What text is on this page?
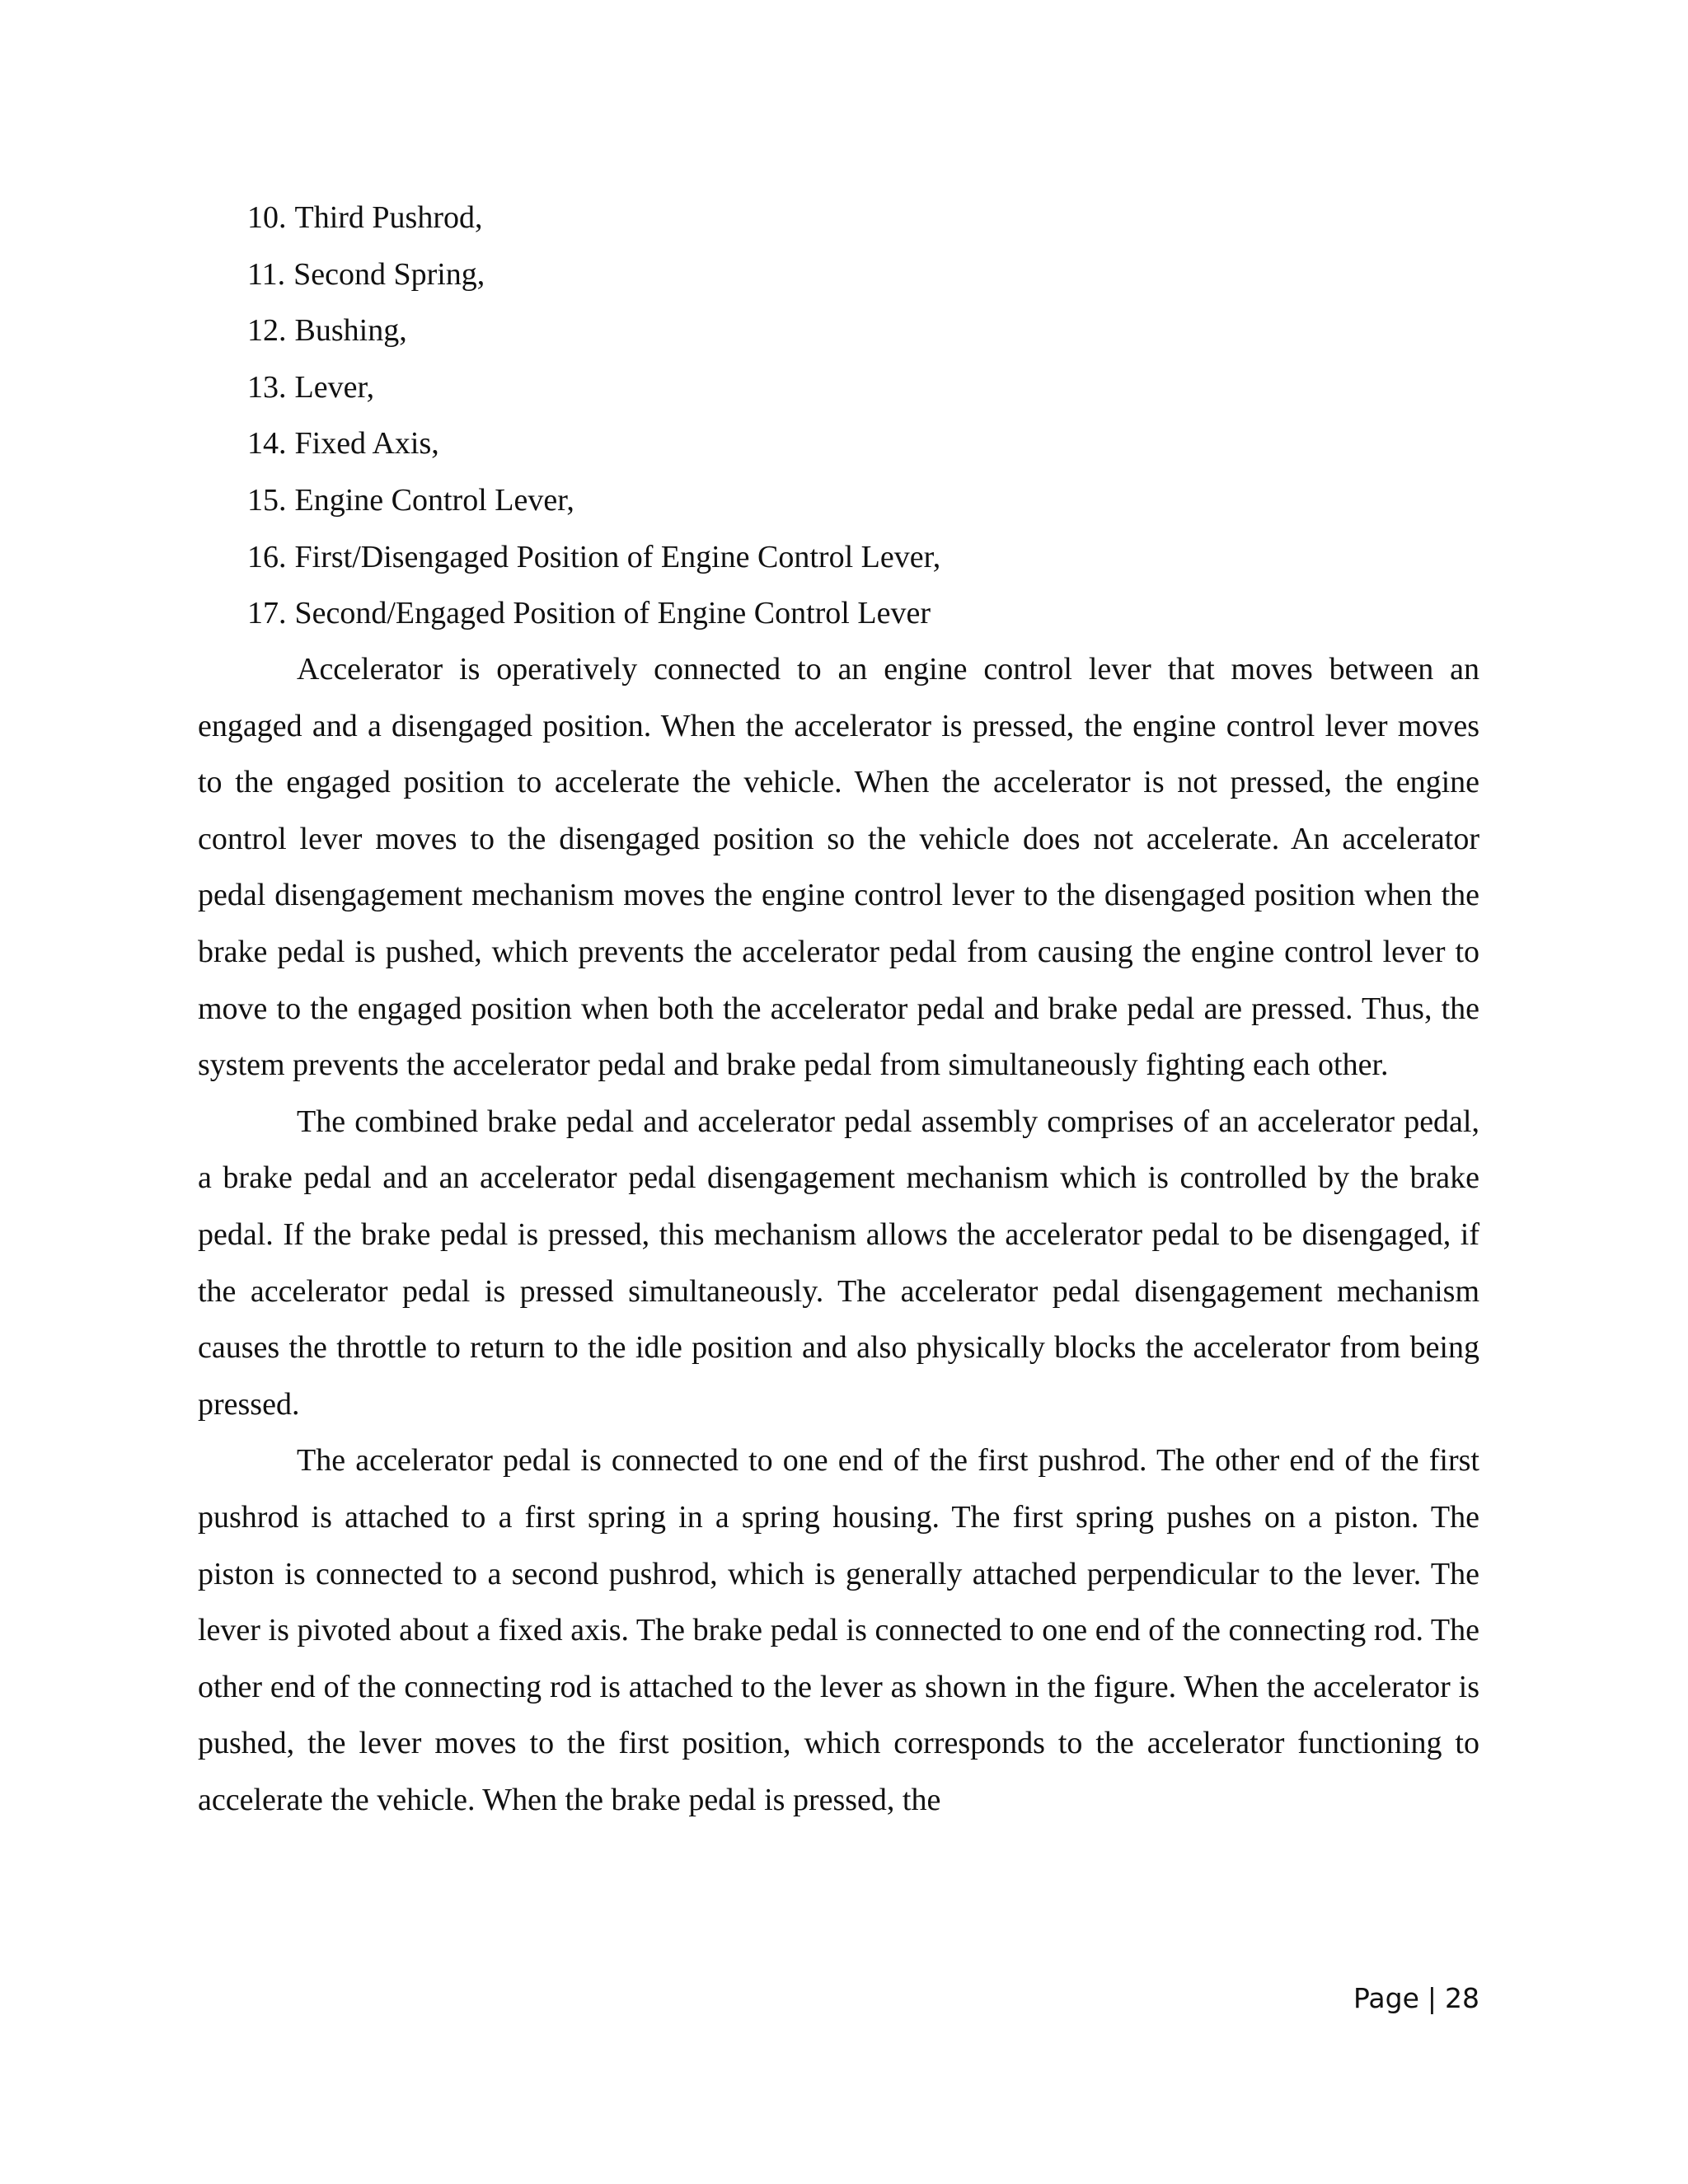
10. Third Pushrod,
11. Second Spring,
12. Bushing,
13. Lever,
14. Fixed Axis,
15. Engine Control Lever,
16. First/Disengaged Position of Engine Control Lever,
17. Second/Engaged Position of Engine Control Lever

Accelerator is operatively connected to an engine control lever that moves between an engaged and a disengaged position. When the accelerator is pressed, the engine control lever moves to the engaged position to accelerate the vehicle. When the accelerator is not pressed, the engine control lever moves to the disengaged position so the vehicle does not accelerate. An accelerator pedal disengagement mechanism moves the engine control lever to the disengaged position when the brake pedal is pushed, which prevents the accelerator pedal from causing the engine control lever to move to the engaged position when both the accelerator pedal and brake pedal are pressed. Thus, the system prevents the accelerator pedal and brake pedal from simultaneously fighting each other.

The combined brake pedal and accelerator pedal assembly comprises of an accelerator pedal, a brake pedal and an accelerator pedal disengagement mechanism which is controlled by the brake pedal. If the brake pedal is pressed, this mechanism allows the accelerator pedal to be disengaged, if the accelerator pedal is pressed simultaneously. The accelerator pedal disengagement mechanism causes the throttle to return to the idle position and also physically blocks the accelerator from being pressed.

The accelerator pedal is connected to one end of the first pushrod. The other end of the first pushrod is attached to a first spring in a spring housing. The first spring pushes on a piston. The piston is connected to a second pushrod, which is generally attached perpendicular to the lever. The lever is pivoted about a fixed axis. The brake pedal is connected to one end of the connecting rod. The other end of the connecting rod is attached to the lever as shown in the figure. When the accelerator is pushed, the lever moves to the first position, which corresponds to the accelerator functioning to accelerate the vehicle. When the brake pedal is pressed, the

Page | 28
